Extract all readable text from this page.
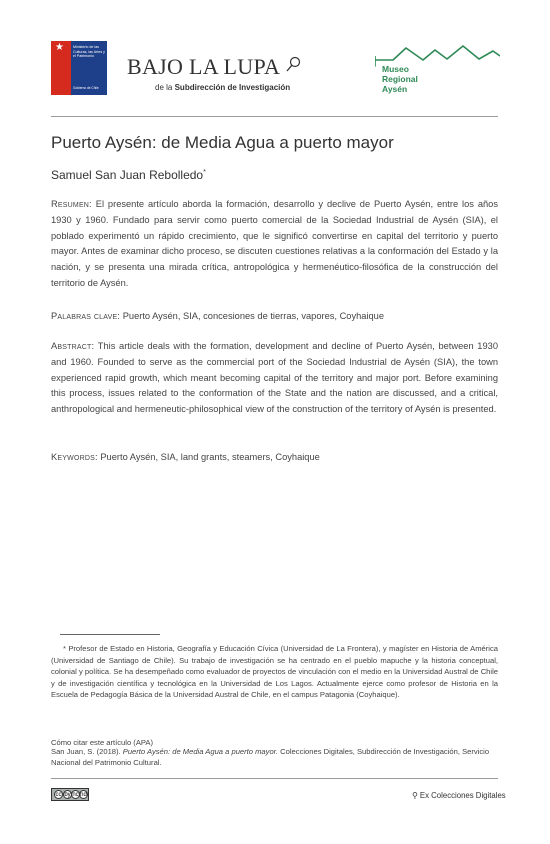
★	Ministerio de las Culturas, las Artes y el Patrimonio
Gobierno de Chile
BAJO LA LUPA
de la Subdirección de Investigación
Museo
Regional
Aysén
Puerto Aysén: de Media Agua a puerto mayor
Samuel San Juan Rebolledo*
Resumen: El presente artículo aborda la formación, desarrollo y declive de Puerto Aysén, entre los años 1930 y 1960. Fundado para servir como puerto comercial de la Sociedad Industrial de Aysén (SIA), el poblado experimentó un rápido crecimiento, que le significó convertirse en capital del territorio y puerto mayor. Antes de examinar dicho proceso, se discuten cuestiones relativas a la conformación del Estado y la nación, y se presenta una mirada crítica, antropológica y hermenéutico-filosófica de la construcción del territorio de Aysén.
Palabras clave: Puerto Aysén, SIA, concesiones de tierras, vapores, Coyhaique
Abstract: This article deals with the formation, development and decline of Puerto Aysén, between 1930 and 1960. Founded to serve as the commercial port of the Sociedad Industrial de Aysén (SIA), the town experienced rapid growth, which meant becoming capital of the territory and major port. Before examining this process, issues related to the conformation of the State and the nation are discussed, and a critical, anthropological and hermeneutic-philosophical view of the construction of the territory of Aysén is presented.
Keywords: Puerto Aysén, SIA, land grants, steamers, Coyhaique
* Profesor de Estado en Historia, Geografía y Educación Cívica (Universidad de La Frontera), y magíster en Historia de América (Universidad de Santiago de Chile). Su trabajo de investigación se ha centrado en el pueblo mapuche y la historia conceptual, colonial y política. Se ha desempeñado como evaluador de proyectos de vinculación con el medio en la Universidad Austral de Chile y de investigación científica y tecnológica en la Universidad de Los Lagos. Actualmente ejerce como profesor de Historia en la Escuela de Pedagogía Básica de la Universidad Austral de Chile, en el campus Patagonia (Coyhaique).
Cómo citar este artículo (APA)
San Juan, S. (2018). Puerto Aysén: de Media Agua a puerto mayor. Colecciones Digitales, Subdirección de Investigación, Servicio Nacional del Patrimonio Cultural.
cc by nc nd	⚲ Ex Colecciones Digitales
